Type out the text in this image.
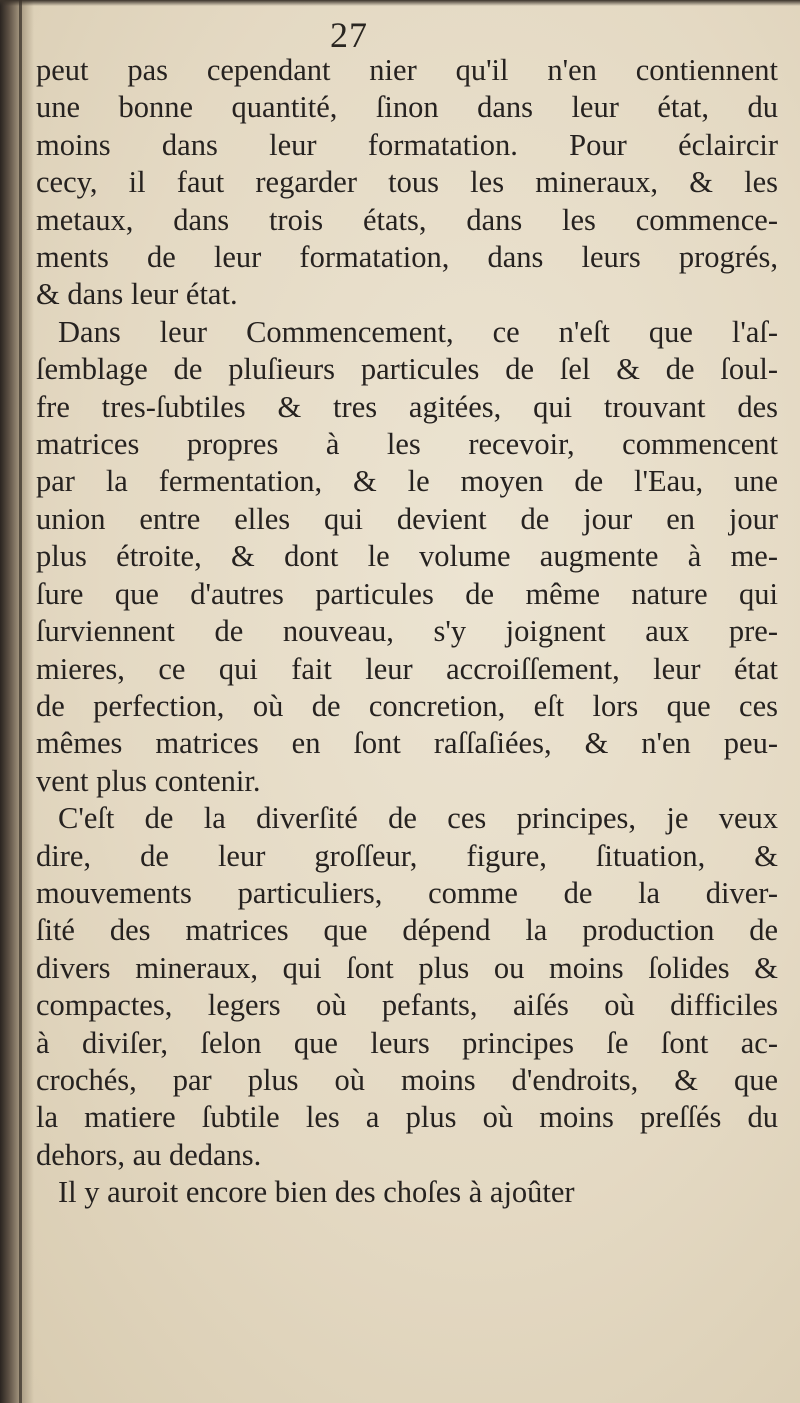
27
peut pas cependant nier qu'il n'en contiennent
une bonne quantité, ſinon dans leur état, du
moins dans leur formatation. Pour éclaircir
cecy, il faut regarder tous les mineraux, & les
metaux, dans trois états, dans les commence-
ments de leur formatation, dans leurs progrés,
& dans leur état.
Dans leur Commencement, ce n'eſt que l'aſ-
ſemblage de pluſieurs particules de ſel & de ſoul-
fre tres-ſubtiles & tres agitées, qui trouvant des
matrices propres à les recevoir, commencent
par la fermentation, & le moyen de l'Eau, une
union entre elles qui devient de jour en jour
plus étroite, & dont le volume augmente à me-
ſure que d'autres particules de même nature qui
ſurviennent de nouveau, s'y joignent aux pre-
mieres, ce qui fait leur accroiſſement, leur état
de perfection, où de concretion, eſt lors que ces
mêmes matrices en ſont raſſaſiées, & n'en peu-
vent plus contenir.
C'eſt de la diverſité de ces principes, je veux
dire, de leur groſſeur, figure, ſituation, &
mouvements particuliers, comme de la diver-
ſité des matrices que dépend la production de
divers mineraux, qui ſont plus ou moins ſolides &
compactes, legers où pefants, aiſés où difficiles
à diviſer, ſelon que leurs principes ſe ſont ac-
crochés, par plus où moins d'endroits, & que
la matiere ſubtile les a plus où moins preſſés du
dehors, au dedans.
Il y auroit encore bien des choſes à ajoûter
